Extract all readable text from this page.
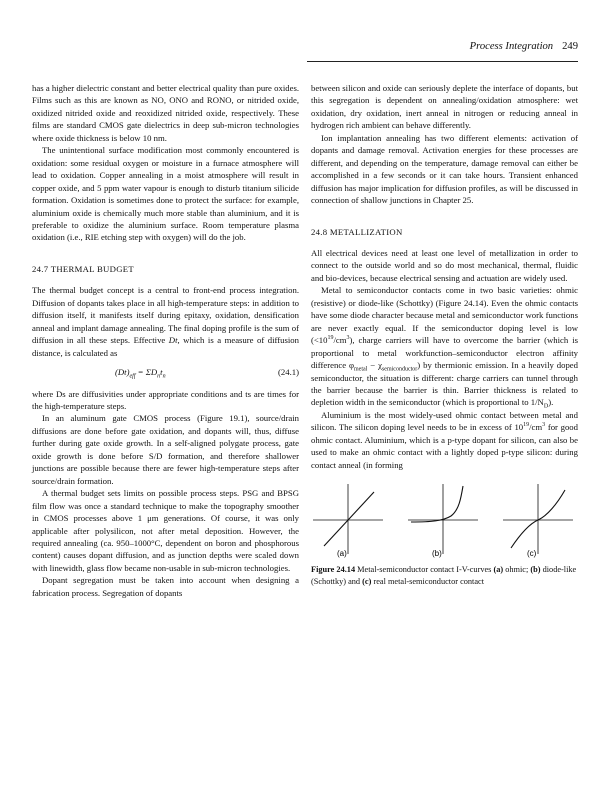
Process Integration 249

has a higher dielectric constant and better electrical quality than pure oxides. Films such as this are known as NO, ONO and RONO, or nitrided oxide, oxidized nitrided oxide and reoxidized nitrided oxide, respectively. These films are standard CMOS gate dielectrics in deep sub-micron technologies where oxide thickness is below 10 nm.

The unintentional surface modification most commonly encountered is oxidation: some residual oxygen or moisture in a furnace atmosphere will lead to oxidation. Copper annealing in a moist atmosphere will result in copper oxide, and 5 ppm water vapour is enough to disturb titanium silicide formation. Oxidation is sometimes done to protect the surface: for example, aluminium oxide is chemically much more stable than aluminium, and it is preferable to oxidize the aluminium surface. Room temperature plasma oxidation (i.e., RIE etching step with oxygen) will do the job.

24.7 THERMAL BUDGET

The thermal budget concept is a central to front-end process integration. Diffusion of dopants takes place in all high-temperature steps: in addition to diffusion itself, it manifests itself during epitaxy, oxidation, densification anneal and implant damage annealing. The final doping profile is the sum of diffusion in all these steps. Effective Dt, which is a measure of diffusion distance, is calculated as

$(Dt)_{eff} = \Sigma D_nt_n$	(24.1)

where Ds are diffusivities under appropriate conditions and ts are times for the high-temperature steps.

In an aluminum gate CMOS process (Figure 19.1), source/drain diffusions are done before gate oxidation, and dopants will, thus, diffuse further during gate oxide growth. In a self-aligned polygate process, gate oxide growth is done before S/D formation, and therefore shallower junctions are possible because there are fewer high-temperature steps after source/drain formation.

A thermal budget sets limits on possible process steps. PSG and BPSG film flow was once a standard technique to make the topography smoother in CMOS processes above 1 μm generations. Of course, it was only applicable after polysilicon, not after metal deposition. However, the required annealing (ca. 950–1000°C, dependent on boron and phosphorous content) causes dopant diffusion, and as junction depths were scaled down with linewidth, glass flow became non-usable in sub-micron technologies.

Dopant segregation must be taken into account when designing a fabrication process. Segregation of dopants

between silicon and oxide can seriously deplete the interface of dopants, but this segregation is dependent on annealing/oxidation atmosphere: wet oxidation, dry oxidation, inert anneal in nitrogen or reducing anneal in hydrogen rich ambient can behave differently.

Ion implantation annealing has two different elements: activation of dopants and damage removal. Activation energies for these processes are different, and depending on the temperature, damage removal can either be accomplished in a few seconds or it can take hours. Transient enhanced diffusion has major implication for diffusion profiles, as will be discussed in connection of shallow junctions in Chapter 25.

24.8 METALLIZATION

All electrical devices need at least one level of metallization in order to connect to the outside world and so do most mechanical, thermal, fluidic and bio-devices, because electrical sensing and actuation are widely used.

Metal to semiconductor contacts come in two basic varieties: ohmic (resistive) or diode-like (Schottky) (Figure 24.14). Even the ohmic contacts have some diode character because metal and semiconductor work functions are never exactly equal. If the semiconductor doping level is low $(<10^{19}/cm^3)$, charge carriers will have to overcome the barrier (which is proportional to metal workfunction–semiconductor electron affinity difference $\varphi_{metal} - \chi_{semiconductor}$) by thermionic emission. In a heavily doped semiconductor, the situation is different: charge carriers can tunnel through the barrier because the barrier is thin. Barrier thickness is related to depletion width in the semiconductor (which is proportional to $1/N_D$).

Aluminium is the most widely-used ohmic contact between metal and silicon. The silicon doping level needs to be in excess of $10^{19}/cm^3$ for good ohmic contact. Aluminium, which is a p-type dopant for silicon, can also be used to make an ohmic contact with a lightly doped p-type silicon: during contact anneal (in forming

(a)	(b)	(c)
Figure 24.14 Metal-semiconductor contact I-V-curves (a) ohmic; (b) diode-like (Schottky) and (c) real metal-semiconductor contact
